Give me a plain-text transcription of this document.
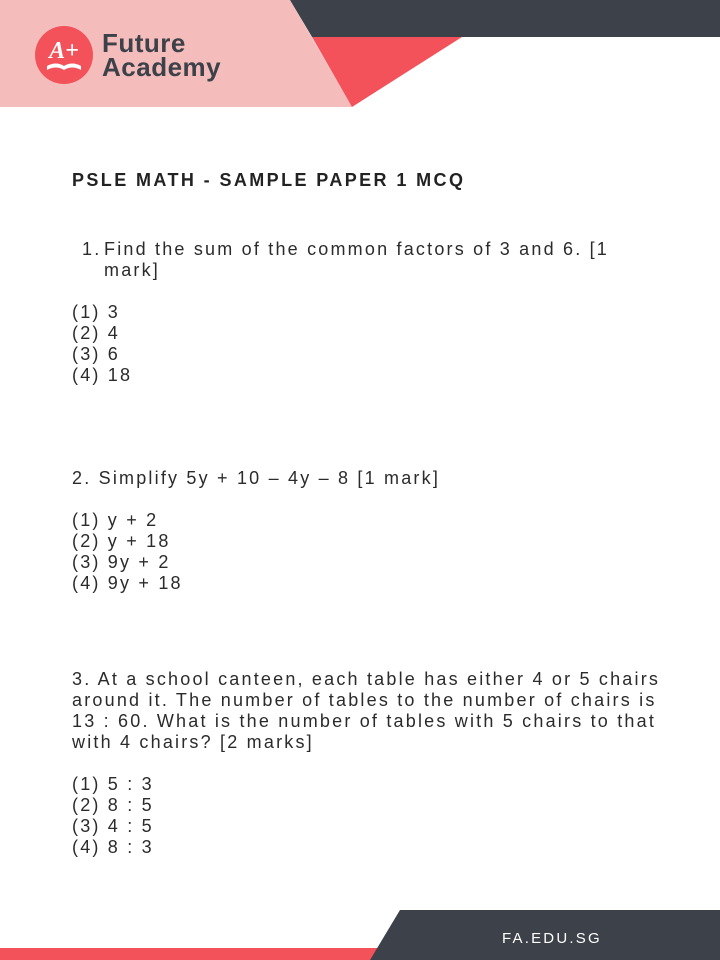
A+ Future
Academy
PSLE MATH - SAMPLE PAPER 1 MCQ
1. Find the sum of the common factors of 3 and 6. [1 mark]

(1) 3
(2) 4
(3) 6
(4) 18

2. Simplify 5y + 10 – 4y – 8 [1 mark]

(1) y + 2
(2) y + 18
(3) 9y + 2
(4) 9y + 18

3. At a school canteen, each table has either 4 or 5 chairs around it. The number of tables to the number of chairs is 13 : 60. What is the number of tables with 5 chairs to that with 4 chairs? [2 marks]

(1) 5 : 3
(2) 8 : 5
(3) 4 : 5
(4) 8 : 3
FA.EDU.SG
